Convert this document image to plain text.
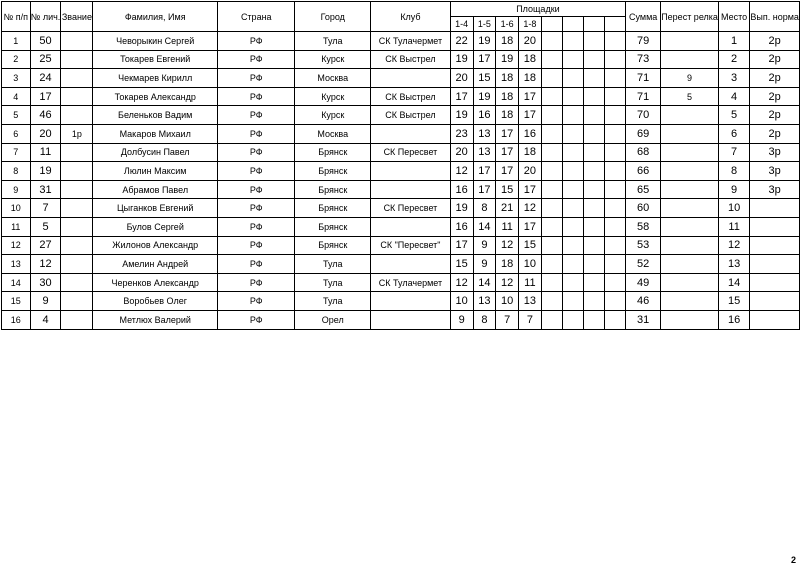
№ п/п	№ лич.	Звание	Фамилия, Имя	Страна	Город	Клуб	Площадки								Сумма	Перест релка	Место	Вып. норма
							1-4	1-5	1-6	1-8								
1	50		Чеворыкин Сергей	РФ	Тула	СК Тулачермет	22	19	18	20					79		1	2р
2	25		Токарев Евгений	РФ	Курск	СК Выстрел	19	17	19	18					73		2	2р
3	24		Чекмарев Кирилл	РФ	Москва		20	15	18	18					71	9	3	2р
4	17		Токарев Александр	РФ	Курск	СК Выстрел	17	19	18	17					71	5	4	2р
5	46		Беленьков Вадим	РФ	Курск	СК Выстрел	19	16	18	17					70		5	2р
6	20	1р	Макаров Михаил	РФ	Москва		23	13	17	16					69		6	2р
7	11		Долбусин Павел	РФ	Брянск	СК Пересвет	20	13	17	18					68		7	3р
8	19		Люлин Максим	РФ	Брянск		12	17	17	20					66		8	3р
9	31		Абрамов Павел	РФ	Брянск		16	17	15	17					65		9	3р
10	7		Цыганков Евгений	РФ	Брянск	СК Пересвет	19	8	21	12					60		10	
11	5		Булов Сергей	РФ	Брянск		16	14	11	17					58		11	
12	27		Жилонов Александр	РФ	Брянск	СК "Пересвет"	17	9	12	15					53		12	
13	12		Амелин Андрей	РФ	Тула		15	9	18	10					52		13	
14	30		Черенков Александр	РФ	Тула	СК Тулачермет	12	14	12	11					49		14	
15	9		Воробьев Олег	РФ	Тула		10	13	10	13					46		15	
16	4		Метлюх Валерий	РФ	Орел		9	8	7	7					31		16	
2
